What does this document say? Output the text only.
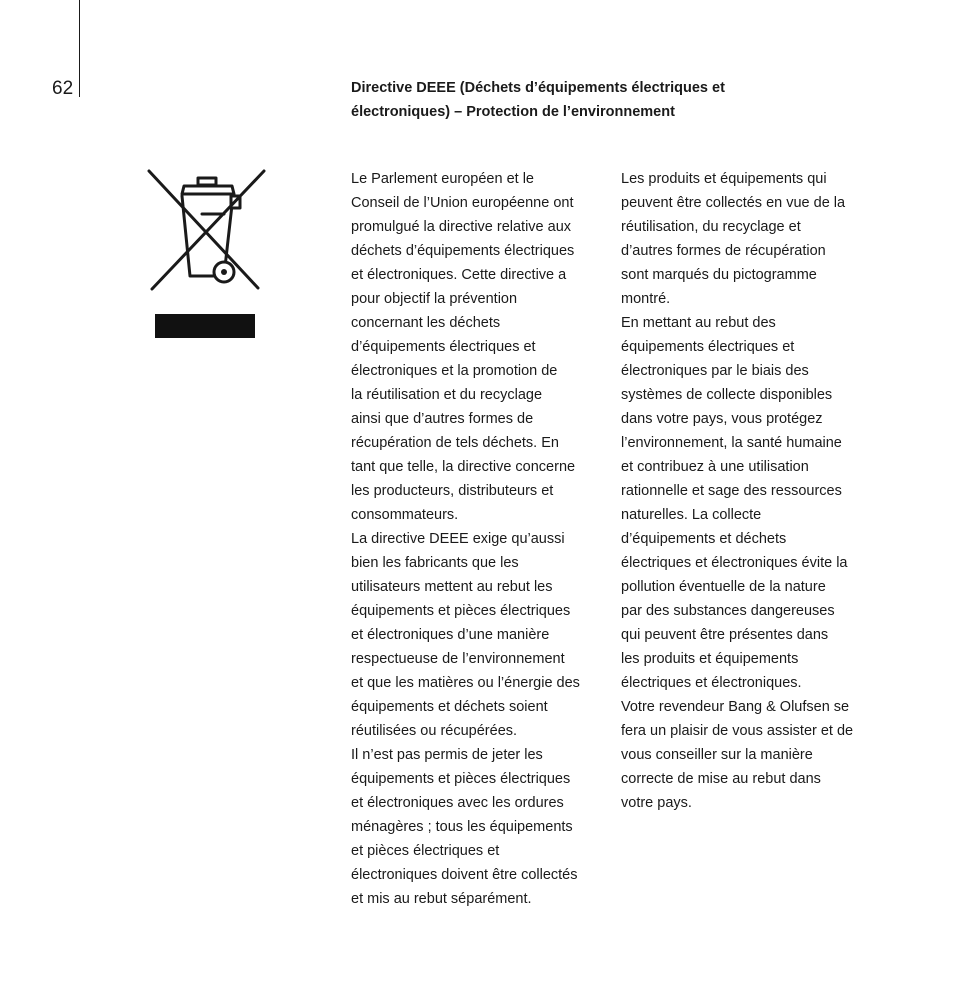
62	Directive DEEE (Déchets d’équipements électriques et
électroniques) – Protection de l’environnement
Le Parlement européen et le
Conseil de l’Union européenne ont
promulgué la directive relative aux
déchets d’équipements électriques
et électroniques. Cette directive a
pour objectif la prévention
concernant les déchets
d’équipements électriques et
électroniques et la promotion de
la réutilisation et du recyclage
ainsi que d’autres formes de
récupération de tels déchets. En
tant que telle, la directive concerne
les producteurs, distributeurs et
consommateurs.
La directive DEEE exige qu’aussi
bien les fabricants que les
utilisateurs mettent au rebut les
équipements et pièces électriques
et électroniques d’une manière
respectueuse de l’environnement
et que les matières ou l’énergie des
équipements et déchets soient
réutilisées ou récupérées.
Il n’est pas permis de jeter les
équipements et pièces électriques
et électroniques avec les ordures
ménagères ; tous les équipements
et pièces électriques et
électroniques doivent être collectés
et mis au rebut séparément.
Les produits et équipements qui
peuvent être collectés en vue de la
réutilisation, du recyclage et
d’autres formes de récupération
sont marqués du pictogramme
montré.
En mettant au rebut des
équipements électriques et
électroniques par le biais des
systèmes de collecte disponibles
dans votre pays, vous protégez
l’environnement, la santé humaine
et contribuez à une utilisation
rationnelle et sage des ressources
naturelles. La collecte
d’équipements et déchets
électriques et électroniques évite la
pollution éventuelle de la nature
par des substances dangereuses
qui peuvent être présentes dans
les produits et équipements
électriques et électroniques.
Votre revendeur Bang & Olufsen se
fera un plaisir de vous assister et de
vous conseiller sur la manière
correcte de mise au rebut dans
votre pays.
